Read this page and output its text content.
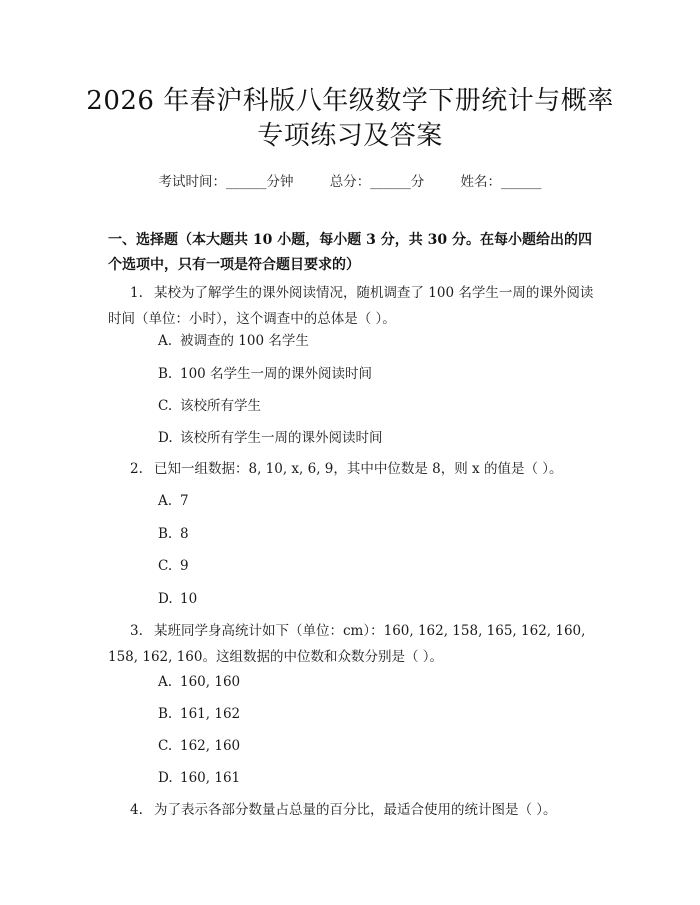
2026 年春沪科版八年级数学下册统计与概率
专项练习及答案
考试时间：______分钟	总分：______分	姓名：______
一、选择题（本大题共 10 小题，每小题 3 分，共 30 分。在每小题给出的四个选项中，只有一项是符合题目要求的）
1. 某校为了解学生的课外阅读情况，随机调查了 100 名学生一周的课外阅读时间（单位：小时），这个调查中的总体是（ ）。
A. 被调查的 100 名学生
B. 100 名学生一周的课外阅读时间
C. 该校所有学生
D. 该校所有学生一周的课外阅读时间
2. 已知一组数据：8, 10, x, 6, 9，其中中位数是 8，则 x 的值是（ ）。
A. 7
B. 8
C. 9
D. 10
3. 某班同学身高统计如下（单位：cm）：160, 162, 158, 165, 162, 160, 158, 162, 160。这组数据的中位数和众数分别是（ ）。
A. 160, 160
B. 161, 162
C. 162, 160
D. 160, 161
4. 为了表示各部分数量占总量的百分比，最适合使用的统计图是（ ）。
